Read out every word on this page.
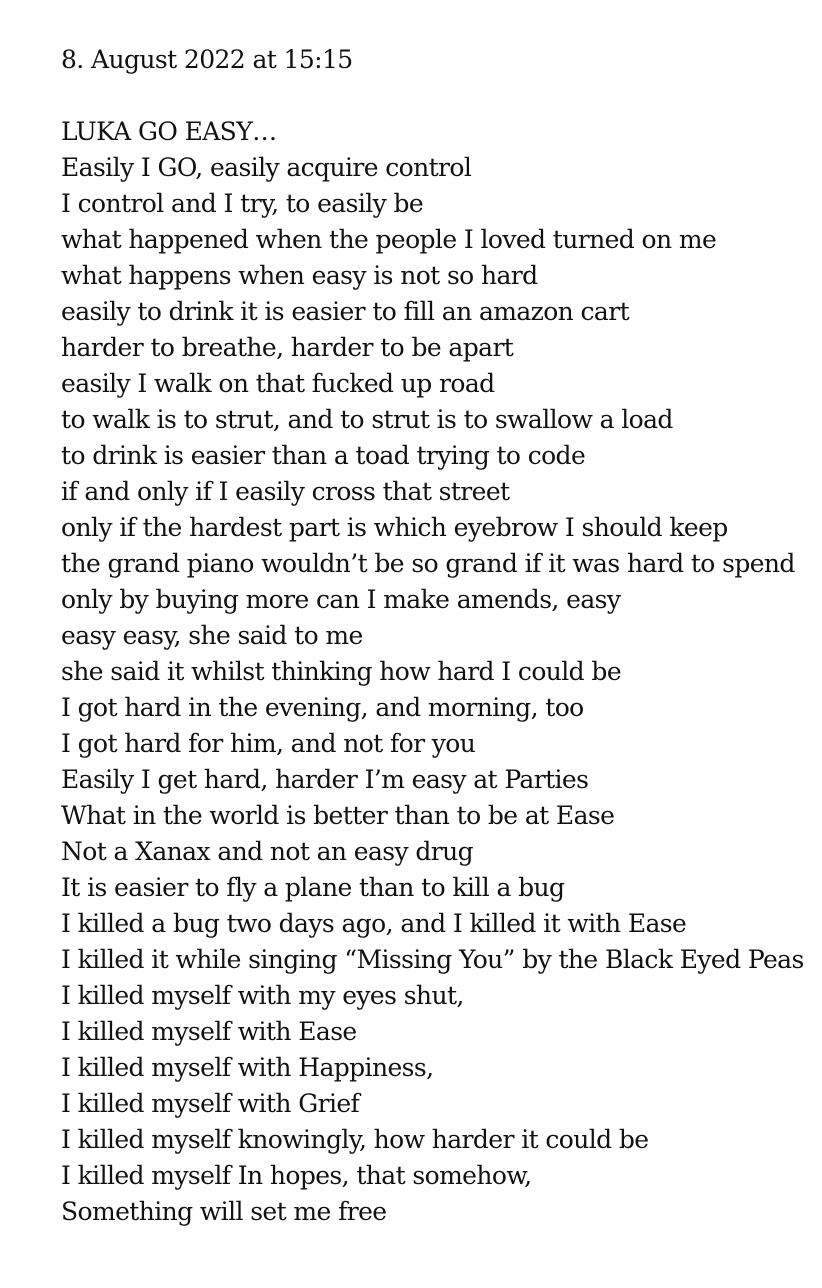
8. August 2022 at 15:15
LUKA GO EASY…
Easily I GO, easily acquire control
I control and I try, to easily be
what happened when the people I loved turned on me
what happens when easy is not so hard
easily to drink it is easier to fill an amazon cart
harder to breathe, harder to be apart
easily I walk on that fucked up road
to walk is to strut, and to strut is to swallow a load
to drink is easier than a toad trying to code
if and only if I easily cross that street
only if the hardest part is which eyebrow I should keep
the grand piano wouldn’t be so grand if it was hard to spend
only by buying more can I make amends, easy
easy easy, she said to me
she said it whilst thinking how hard I could be
I got hard in the evening, and morning, too
I got hard for him, and not for you
Easily I get hard, harder I’m easy at Parties
What in the world is better than to be at Ease
Not a Xanax and not an easy drug
It is easier to fly a plane than to kill a bug
I killed a bug two days ago, and I killed it with Ease
I killed it while singing “Missing You” by the Black Eyed Peas
I killed myself with my eyes shut,
I killed myself with Ease
I killed myself with Happiness,
I killed myself with Grief
I killed myself knowingly, how harder it could be
I killed myself In hopes, that somehow,
Something will set me free
